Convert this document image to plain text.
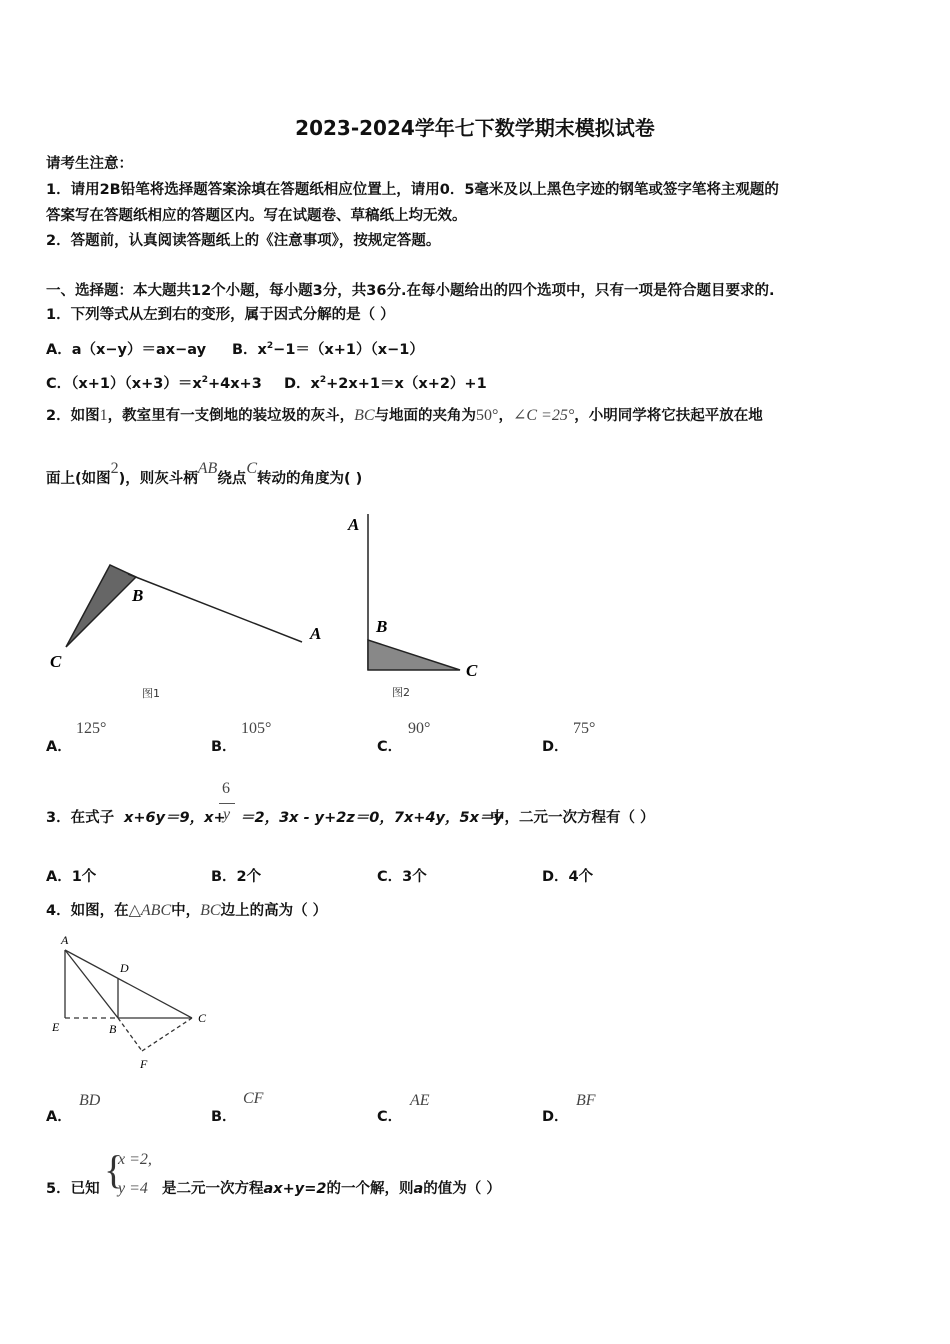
2023-2024学年七下数学期末模拟试卷
请考生注意：
1．请用2B铅笔将选择题答案涂填在答题纸相应位置上，请用0．5毫米及以上黑色字迹的钢笔或签字笔将主观题的
答案写在答题纸相应的答题区内。写在试题卷、草稿纸上均无效。
2．答题前，认真阅读答题纸上的《注意事项》，按规定答题。
一、选择题：本大题共12个小题，每小题3分，共36分.在每小题给出的四个选项中，只有一项是符合题目要求的.
1．下列等式从左到右的变形，属于因式分解的是（ ）
A．a（x−y）＝ax−ay B．$x^2-1=(x+1)(x-1)$
C．$(x+1)(x+3)=x^2+4x+3$ D．$x^2+2x+1=x(x+2)+1$
2．如图1，教室里有一支倒地的装垃圾的灰斗，BC与地面的夹角为50°，∠C =25°，小明同学将它扶起平放在地
面上(如图2)，则灰斗柄AB绕点C转动的角度为( )
C
B
A
图1
A
B
C
图2
A．
125°
B．
105°
C．
90°
D．
75°
3．在式子 x+6y＝9，x+
6
y ＝2，3x - y+2z＝0，7x+4y，5x＝y
中，二元一次方程有（ ）
A．1个	B．2个	C．3个	D．4个
4．如图，在△ABC中，BC边上的高为（ ）
A
D
E	B
C
F
A．
BD
B．
CF
C．
AE
D．
BF
5．已知 {
x =2,
y =4 是二元一次方程ax+y=2的一个解，则a的值为（ ）
